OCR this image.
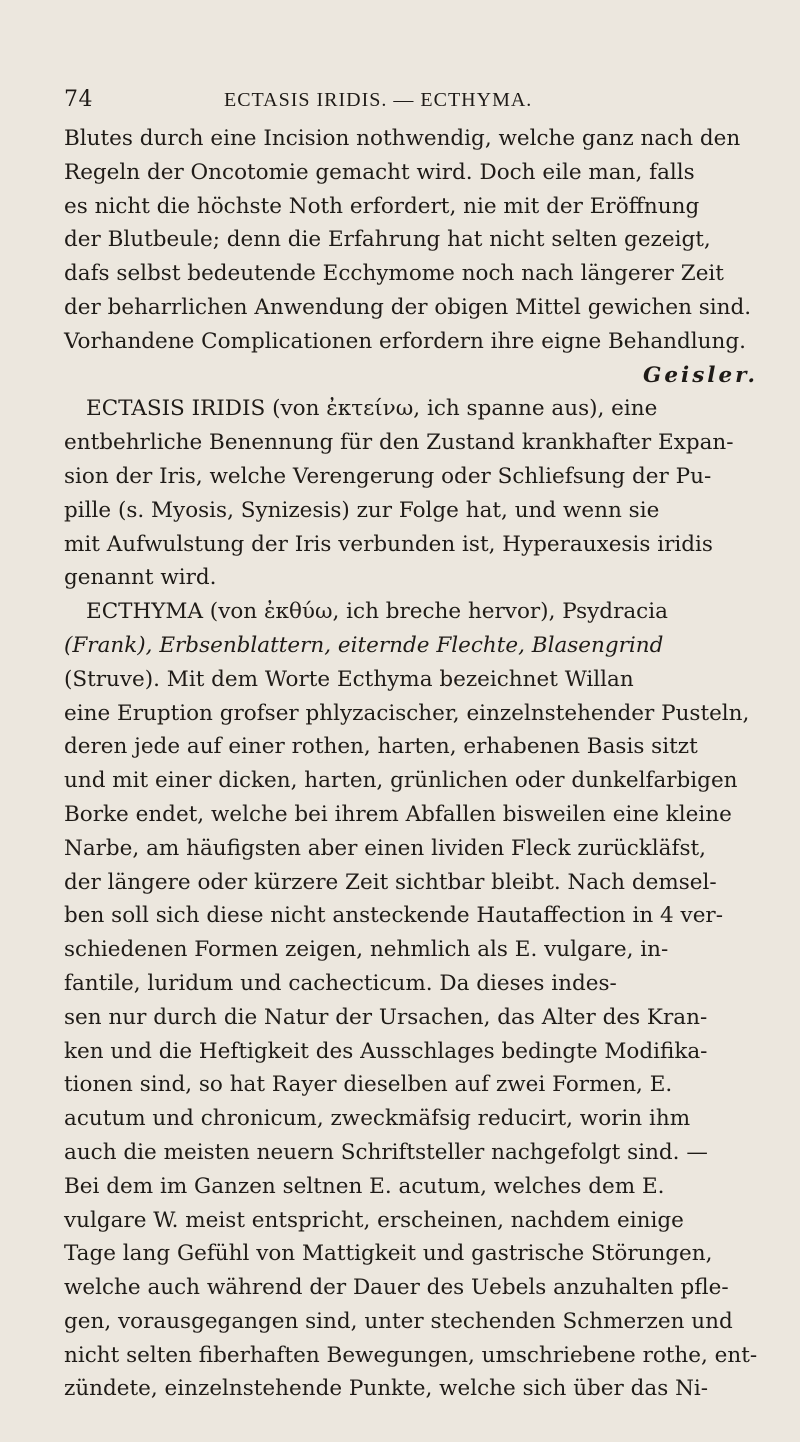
74	ECTASIS IRIDIS. — ECTHYMA.
Blutes durch eine Incision nothwendig, welche ganz nach den
Regeln der Oncotomie gemacht wird. Doch eile man, falls
es nicht die höchste Noth erfordert, nie mit der Eröffnung
der Blutbeule; denn die Erfahrung hat nicht selten gezeigt,
dafs selbst bedeutende Ecchymome noch nach längerer Zeit
der beharrlichen Anwendung der obigen Mittel gewichen sind.
Vorhandene Complicationen erfordern ihre eigne Behandlung.
Geisler.
ECTASIS IRIDIS (von ἐκτείνω, ich spanne aus), eine
entbehrliche Benennung für den Zustand krankhafter Expan-
sion der Iris, welche Verengerung oder Schliefsung der Pu-
pille (s. Myosis, Synizesis) zur Folge hat, und wenn sie
mit Aufwulstung der Iris verbunden ist, Hyperauxesis iridis
genannt wird.
ECTHYMA (von ἐκθύω, ich breche hervor), Psydracia
(Frank), Erbsenblattern, eiternde Flechte, Blasengrind
(Struve). Mit dem Worte Ecthyma bezeichnet Willan
eine Eruption grofser phlyzacischer, einzelnstehender Pusteln,
deren jede auf einer rothen, harten, erhabenen Basis sitzt
und mit einer dicken, harten, grünlichen oder dunkelfarbigen
Borke endet, welche bei ihrem Abfallen bisweilen eine kleine
Narbe, am häufigsten aber einen lividen Fleck zurückläfst,
der längere oder kürzere Zeit sichtbar bleibt. Nach demsel-
ben soll sich diese nicht ansteckende Hautaffection in 4 ver-
schiedenen Formen zeigen, nehmlich als E. vulgare, in-
fantile, luridum und cachecticum. Da dieses indes-
sen nur durch die Natur der Ursachen, das Alter des Kran-
ken und die Heftigkeit des Ausschlages bedingte Modifika-
tionen sind, so hat Rayer dieselben auf zwei Formen, E.
acutum und chronicum, zweckmäfsig reducirt, worin ihm
auch die meisten neuern Schriftsteller nachgefolgt sind. —
Bei dem im Ganzen seltnen E. acutum, welches dem E.
vulgare W. meist entspricht, erscheinen, nachdem einige
Tage lang Gefühl von Mattigkeit und gastrische Störungen,
welche auch während der Dauer des Uebels anzuhalten pfle-
gen, vorausgegangen sind, unter stechenden Schmerzen und
nicht selten fiberhaften Bewegungen, umschriebene rothe, ent-
zündete, einzelnstehende Punkte, welche sich über das Ni-
